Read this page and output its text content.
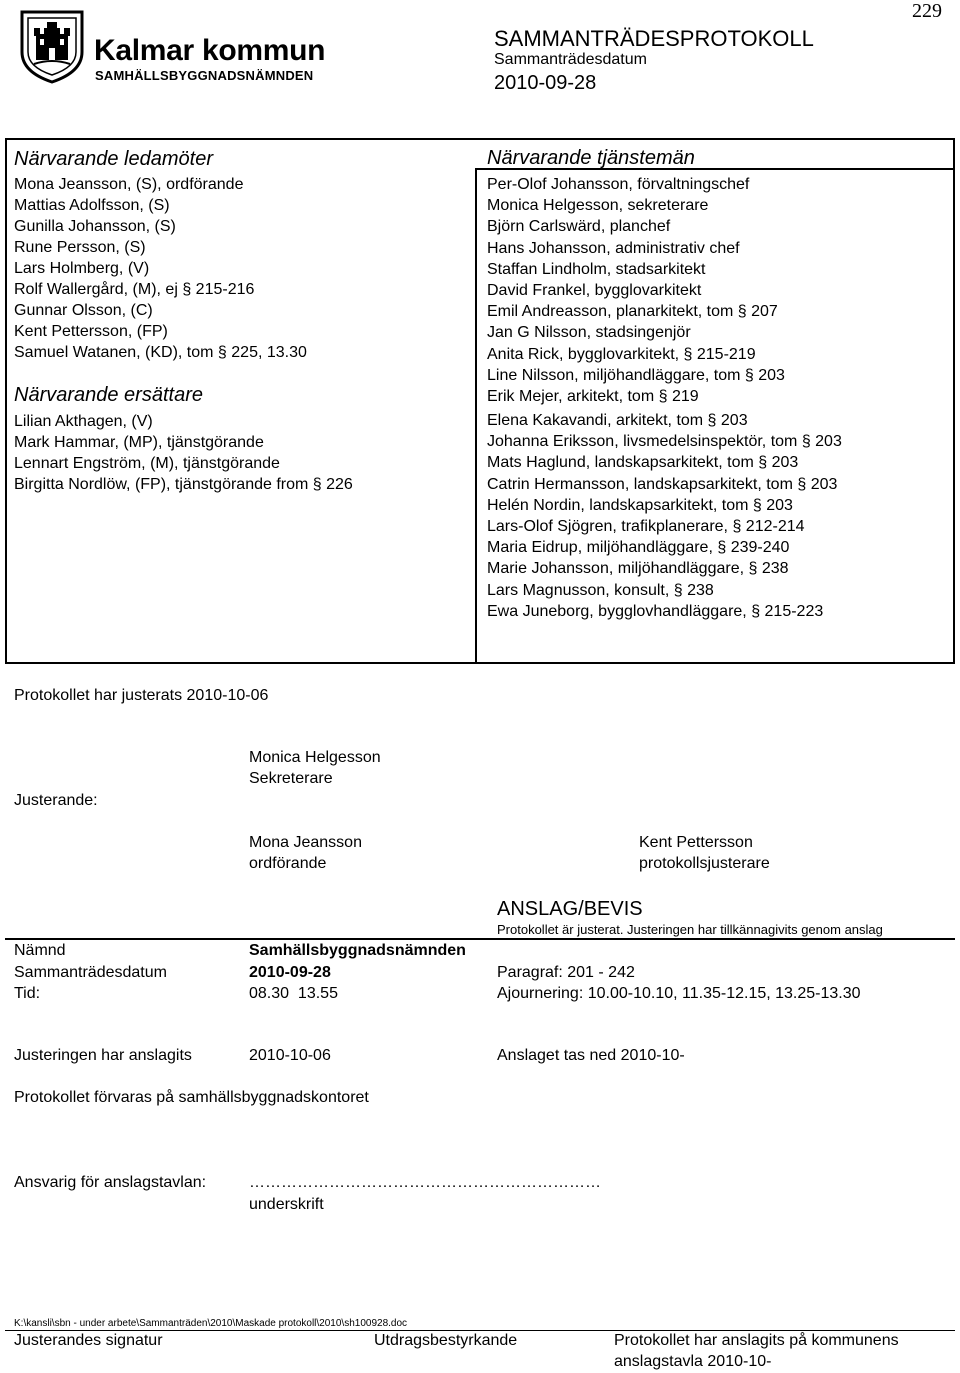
229
Kalmar kommun
SAMHÄLLSBYGGNADSNÄMNDEN
SAMMANTRÄDESPROTOKOLL
Sammanträdesdatum
2010-09-28
Närvarande ledamöter
Mona Jeansson, (S), ordförande
Mattias Adolfsson, (S)
Gunilla Johansson, (S)
Rune Persson, (S)
Lars Holmberg, (V)
Rolf Wallergård, (M), ej § 215-216
Gunnar Olsson, (C)
Kent Pettersson, (FP)
Samuel Watanen, (KD), tom § 225, 13.30
Närvarande ersättare
Lilian Akthagen, (V)
Mark Hammar, (MP), tjänstgörande
Lennart Engström, (M), tjänstgörande
Birgitta Nordlöw, (FP), tjänstgörande from § 226
Närvarande tjänstemän
Per-Olof Johansson, förvaltningschef
Monica Helgesson, sekreterare
Björn Carlswärd, planchef
Hans Johansson, administrativ chef
Staffan Lindholm, stadsarkitekt
David Frankel, bygglovarkitekt
Emil Andreasson, planarkitekt, tom § 207
Jan G Nilsson, stadsingenjör
Anita Rick, bygglovarkitekt, § 215-219
Line Nilsson, miljöhandläggare, tom § 203
Erik Mejer, arkitekt, tom § 219
Elena Kakavandi, arkitekt, tom § 203
Johanna Eriksson, livsmedelsinspektör, tom § 203
Mats Haglund, landskapsarkitekt, tom § 203
Catrin Hermansson, landskapsarkitekt, tom § 203
Helén Nordin, landskapsarkitekt, tom § 203
Lars-Olof Sjögren, trafikplanerare, § 212-214
Maria Eidrup, miljöhandläggare, § 239-240
Marie Johansson, miljöhandläggare, § 238
Lars Magnusson, konsult, § 238
Ewa Juneborg, bygglovhandläggare, § 215-223
Protokollet har justerats 2010-10-06
Justerande:
Monica Helgesson
Sekreterare
Mona Jeansson
ordförande
Kent Pettersson
protokollsjusterare
ANSLAG/BEVIS
Protokollet är justerat. Justeringen har tillkännagivits genom anslag
Nämnd	Samhällsbyggnadsnämnden
Sammanträdesdatum	2010-09-28	Paragraf: 201 - 242
Tid:	08.30  13.55	Ajournering: 10.00-10.10, 11.35-12.15, 13.25-13.30
Justeringen har anslagits	2010-10-06	Anslaget tas ned 2010-10-
Protokollet förvaras på samhällsbyggnadskontoret
Ansvarig för anslagstavlan:	…………………………………………………………
underskrift
K:\kansli\sbn - under arbete\Sammanträden\2010\Maskade protokoll\2010\sh100928.doc
Justerandes signatur	Utdragsbestyrkande	Protokollet har anslagits på kommunens
anslagstavla 2010-10-
